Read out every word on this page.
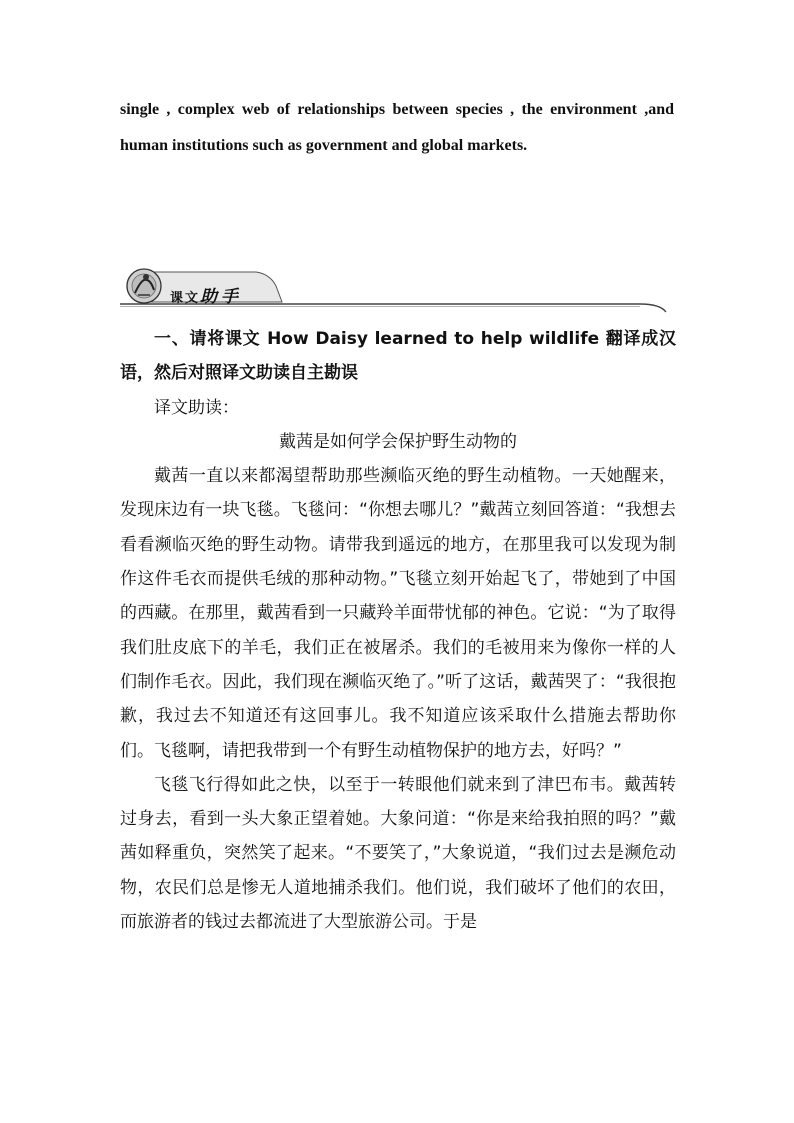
single , complex web of relationships between species , the environment ,and human institutions such as government and global markets.
课文助手

一、请将课文 How Daisy learned to help wildlife 翻译成汉语，然后对照译文助读自主勘误

译文助读：

戴茜是如何学会保护野生动物的

戴茜一直以来都渴望帮助那些濒临灭绝的野生动植物。一天她醒来，发现床边有一块飞毯。飞毯问：“你想去哪儿？”戴茜立刻回答道：“我想去看看濒临灭绝的野生动物。请带我到遥远的地方，在那里我可以发现为制作这件毛衣而提供毛绒的那种动物。”飞毯立刻开始起飞了，带她到了中国的西藏。在那里，戴茜看到一只藏羚羊面带忧郁的神色。它说：“为了取得我们肚皮底下的羊毛，我们正在被屠杀。我们的毛被用来为像你一样的人们制作毛衣。因此，我们现在濒临灭绝了。”听了这话，戴茜哭了：“我很抱歉，我过去不知道还有这回事儿。我不知道应该采取什么措施去帮助你们。飞毯啊，请把我带到一个有野生动植物保护的地方去，好吗？”

飞毯飞行得如此之快，以至于一转眼他们就来到了津巴布韦。戴茜转过身去，看到一头大象正望着她。大象问道：“你是来给我拍照的吗？”戴茜如释重负，突然笑了起来。“不要笑了，”大象说道，“我们过去是濒危动物，农民们总是惨无人道地捕杀我们。他们说，我们破坏了他们的农田，而旅游者的钱过去都流进了大型旅游公司。于是
